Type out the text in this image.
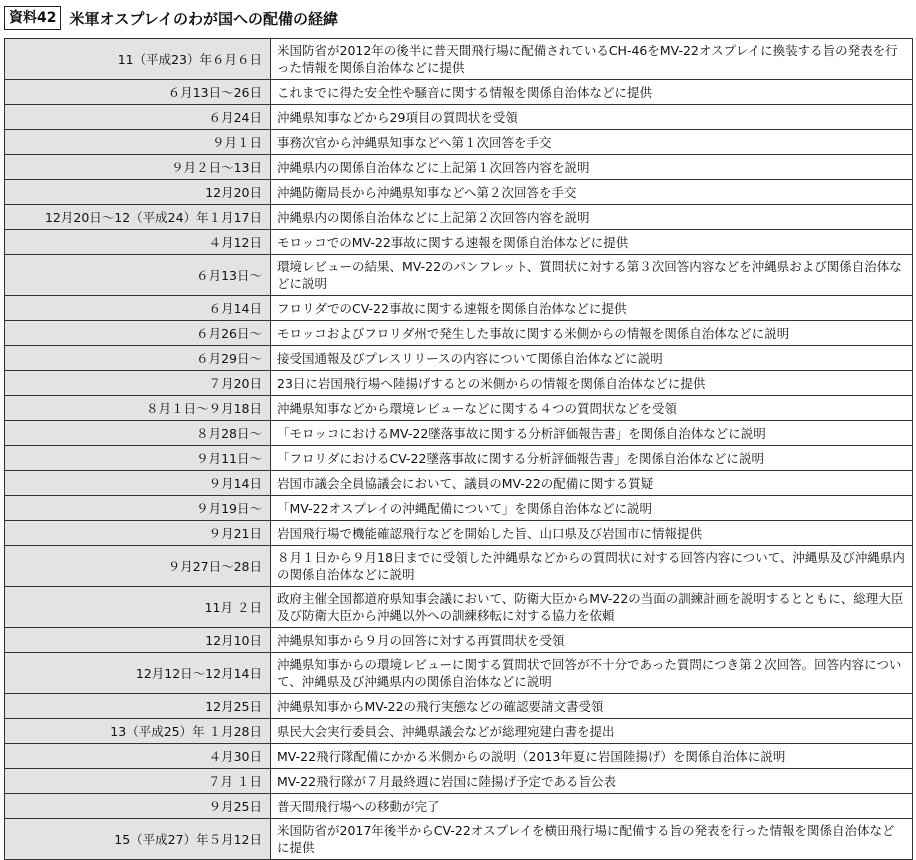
資料42 米軍オスプレイのわが国への配備の経緯
11（平成23）年６月６日	米国防省が2012年の後半に普天間飛行場に配備されているCH-46をMV-22オスプレイに換装する旨の発表を行った情報を関係自治体などに提供
６月13日〜26日	これまでに得た安全性や騒音に関する情報を関係自治体などに提供
６月24日	沖縄県知事などから29項目の質問状を受領
９月１日	事務次官から沖縄県知事などへ第１次回答を手交
９月２日〜13日	沖縄県内の関係自治体などに上記第１次回答内容を説明
12月20日	沖縄防衛局長から沖縄県知事などへ第２次回答を手交
12月20日〜12（平成24）年１月17日	沖縄県内の関係自治体などに上記第２次回答内容を説明
４月12日	モロッコでのMV-22事故に関する速報を関係自治体などに提供
６月13日〜	環境レビューの結果、MV-22のパンフレット、質問状に対する第３次回答内容などを沖縄県および関係自治体などに説明
６月14日	フロリダでのCV-22事故に関する速報を関係自治体などに提供
６月26日〜	モロッコおよびフロリダ州で発生した事故に関する米側からの情報を関係自治体などに説明
６月29日〜	接受国通報及びプレスリリースの内容について関係自治体などに説明
７月20日	23日に岩国飛行場へ陸揚げするとの米側からの情報を関係自治体などに提供
８月１日〜９月18日	沖縄県知事などから環境レビューなどに関する４つの質問状などを受領
８月28日〜	「モロッコにおけるMV-22墜落事故に関する分析評価報告書」を関係自治体などに説明
９月11日〜	「フロリダにおけるCV-22墜落事故に関する分析評価報告書」を関係自治体などに説明
９月14日	岩国市議会全員協議会において、議員のMV-22の配備に関する質疑
９月19日〜	「MV-22オスプレイの沖縄配備について」を関係自治体などに説明
９月21日	岩国飛行場で機能確認飛行などを開始した旨、山口県及び岩国市に情報提供
９月27日〜28日	８月１日から９月18日までに受領した沖縄県などからの質問状に対する回答内容について、沖縄県及び沖縄県内の関係自治体などに説明
11月 ２日	政府主催全国都道府県知事会議において、防衛大臣からMV-22の当面の訓練計画を説明するとともに、総理大臣及び防衛大臣から沖縄以外への訓練移転に対する協力を依頼
12月10日	沖縄県知事から９月の回答に対する再質問状を受領
12月12日〜12月14日	沖縄県知事からの環境レビューに関する質問状で回答が不十分であった質問につき第２次回答。回答内容について、沖縄県及び沖縄県内の関係自治体などに説明
12月25日	沖縄県知事からMV-22の飛行実態などの確認要請文書受領
13（平成25）年 １月28日	県民大会実行委員会、沖縄県議会などが総理宛建白書を提出
４月30日	MV-22飛行隊配備にかかる米側からの説明（2013年夏に岩国陸揚げ）を関係自治体に説明
７月 １日	MV-22飛行隊が７月最終週に岩国に陸揚げ予定である旨公表
９月25日	普天間飛行場への移動が完了
15（平成27）年５月12日	米国防省が2017年後半からCV-22オスプレイを横田飛行場に配備する旨の発表を行った情報を関係自治体などに提供
